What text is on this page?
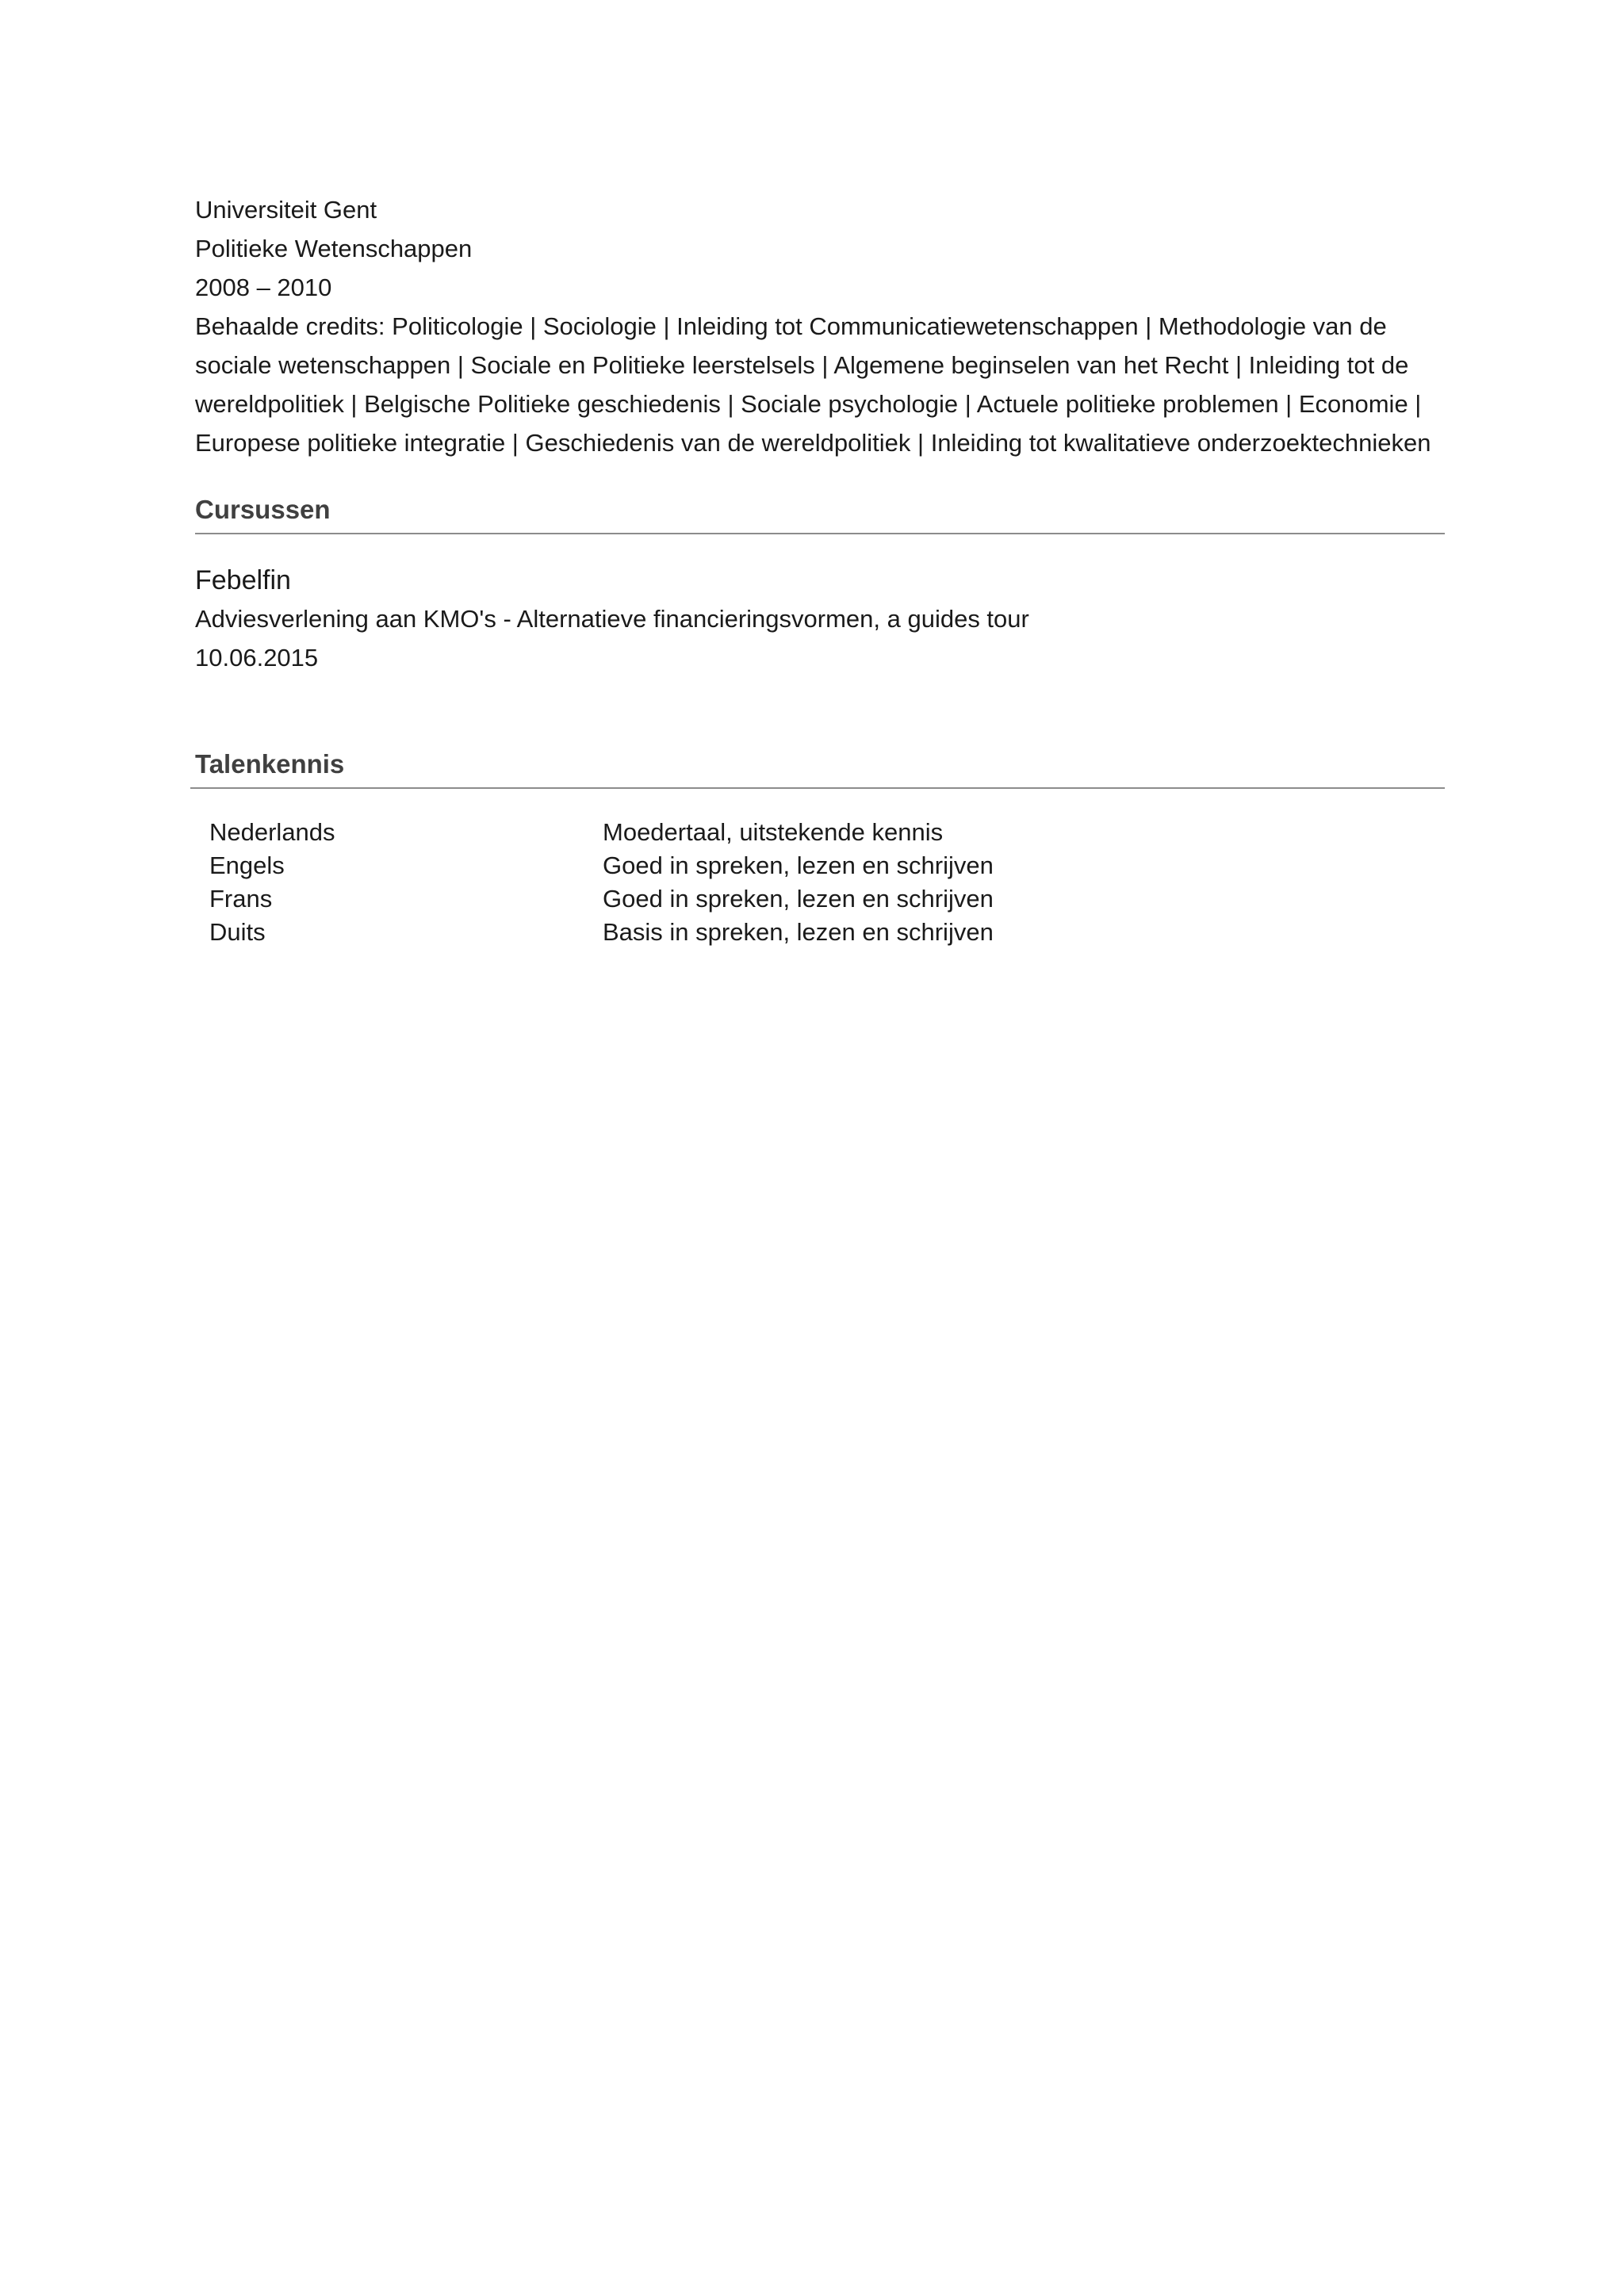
Universiteit Gent

Politieke Wetenschappen

2008 – 2010

Behaalde credits: Politicologie | Sociologie | Inleiding tot Communicatiewetenschappen | Methodologie van de sociale wetenschappen | Sociale en Politieke leerstelsels | Algemene beginselen van het Recht | Inleiding tot de wereldpolitiek | Belgische Politieke geschiedenis | Sociale psychologie | Actuele politieke problemen | Economie | Europese politieke integratie | Geschiedenis van de wereldpolitiek | Inleiding tot kwalitatieve onderzoektechnieken

Cursussen

Febelfin

Adviesverlening aan KMO's - Alternatieve financieringsvormen, a guides tour

10.06.2015

Talenkennis
Nederlands	Moedertaal, uitstekende kennis
Engels	Goed in spreken, lezen en schrijven
Frans	Goed in spreken, lezen en schrijven
Duits	Basis in spreken, lezen en schrijven
